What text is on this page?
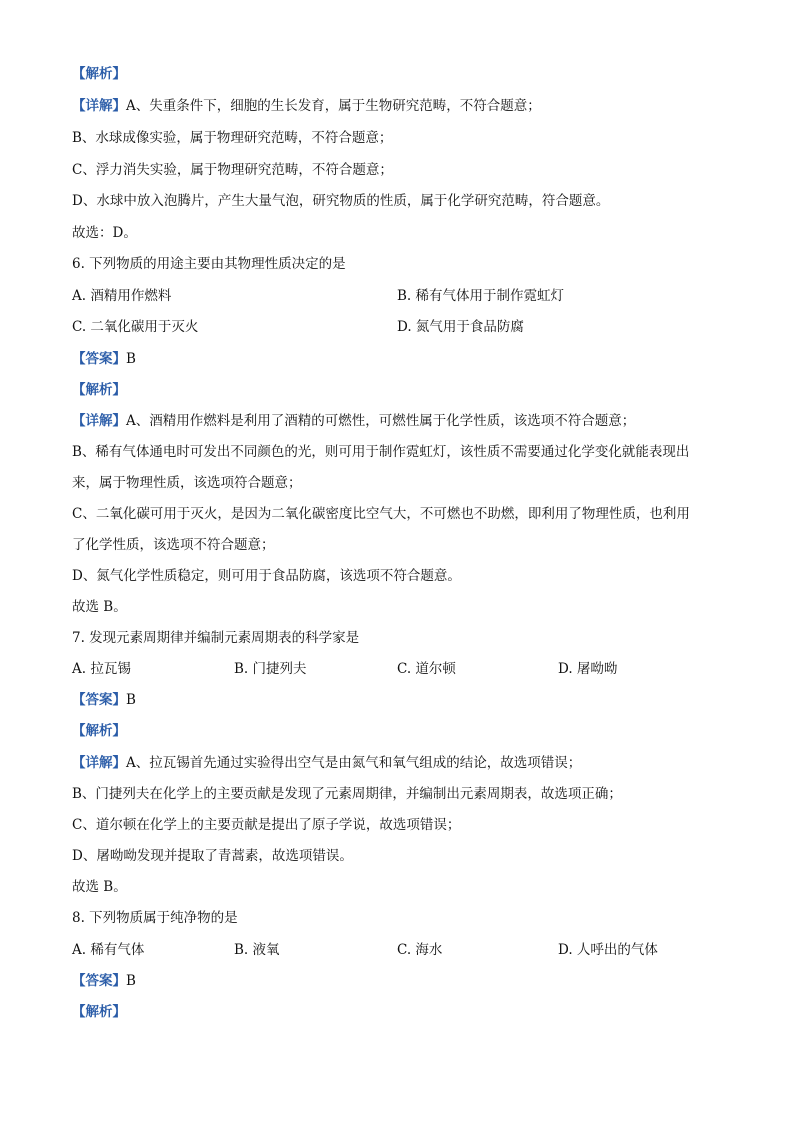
【解析】
【详解】A、失重条件下，细胞的生长发育，属于生物研究范畴，不符合题意；
B、水球成像实验，属于物理研究范畴，不符合题意；
C、浮力消失实验，属于物理研究范畴，不符合题意；
D、水球中放入泡腾片，产生大量气泡，研究物质的性质，属于化学研究范畴，符合题意。
故选：D。
6. 下列物质的用途主要由其物理性质决定的是
A. 酒精用作燃料	B. 稀有气体用于制作霓虹灯
C. 二氧化碳用于灭火	D. 氮气用于食品防腐
【答案】B
【解析】
【详解】A、酒精用作燃料是利用了酒精的可燃性，可燃性属于化学性质，该选项不符合题意；
B、稀有气体通电时可发出不同颜色的光，则可用于制作霓虹灯，该性质不需要通过化学变化就能表现出
来，属于物理性质，该选项符合题意；
C、二氧化碳可用于灭火，是因为二氧化碳密度比空气大，不可燃也不助燃，即利用了物理性质，也利用
了化学性质，该选项不符合题意；
D、氮气化学性质稳定，则可用于食品防腐，该选项不符合题意。
故选 B。
7. 发现元素周期律并编制元素周期表的科学家是
A. 拉瓦锡	B. 门捷列夫	C. 道尔顿	D. 屠呦呦
【答案】B
【解析】
【详解】A、拉瓦锡首先通过实验得出空气是由氮气和氧气组成的结论，故选项错误；
B、门捷列夫在化学上的主要贡献是发现了元素周期律，并编制出元素周期表，故选项正确；
C、道尔顿在化学上的主要贡献是提出了原子学说，故选项错误；
D、屠呦呦发现并提取了青蒿素，故选项错误。
故选 B。
8. 下列物质属于纯净物的是
A. 稀有气体	B. 液氧	C. 海水	D. 人呼出的气体
【答案】B
【解析】
